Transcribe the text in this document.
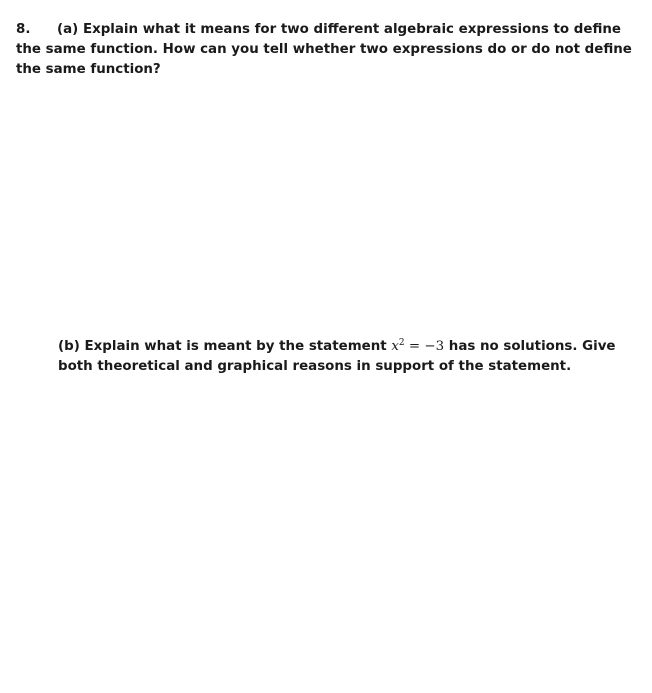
8. (a) Explain what it means for two different algebraic expressions to define the same function. How can you tell whether two expressions do or do not define the same function?
(b) Explain what is meant by the statement $x^2 = -3$ has no solutions. Give both theoretical and graphical reasons in support of the statement.
